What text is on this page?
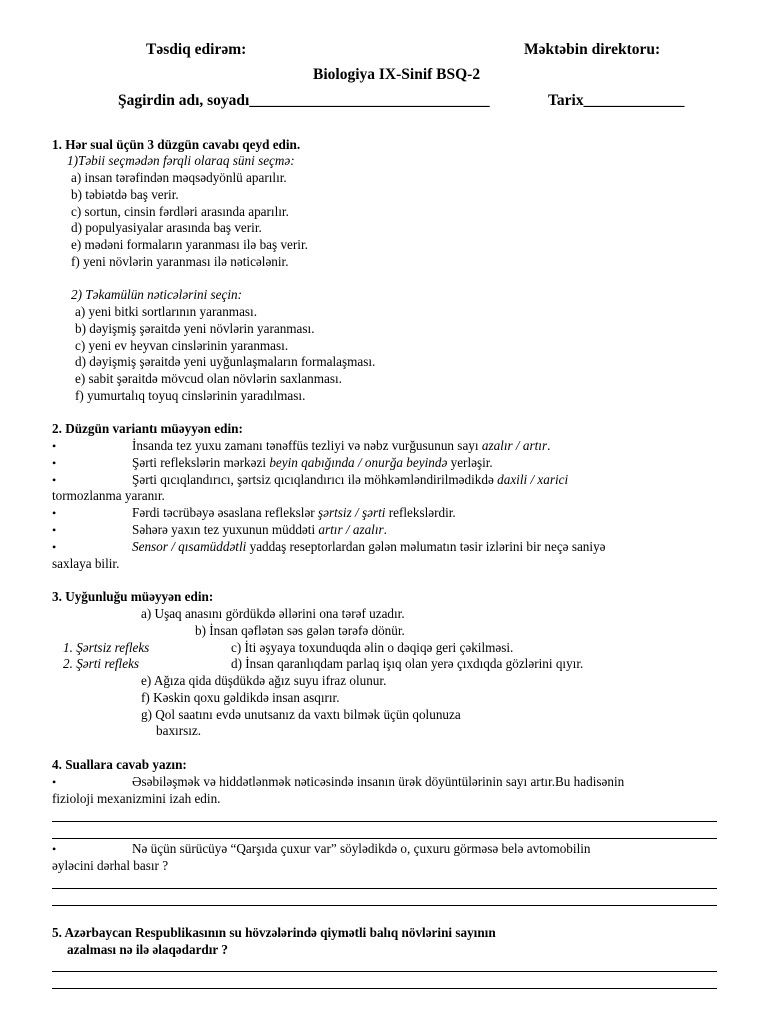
Təsdiq edirəm:	Məktəbin direktoru:
Biologiya IX-Sinif BSQ-2
Şagirdin adı, soyadı_______________________________	Tarix_____________
1. Hər sual üçün 3 düzgün cavabı qeyd edin.
1)Təbii seçmədən fərqli olaraq süni seçmə:
a) insan tərəfindən məqsədyönlü aparılır.
b) təbiətdə baş verir.
c) sortun, cinsin fərdləri arasında aparılır.
d) populyasiyalar arasında baş verir.
e) mədəni formaların yaranması ilə baş verir.
f) yeni növlərin yaranması ilə nəticələnir.
2) Təkamülün nəticələrini seçin:
a) yeni bitki sortlarının yaranması.
b) dəyişmiş şəraitdə yeni növlərin yaranması.
c) yeni ev heyvan cinslərinin yaranması.
d) dəyişmiş şəraitdə yeni uyğunlaşmaların formalaşması.
e) sabit şəraitdə mövcud olan növlərin saxlanması.
f) yumurtalıq toyuq cinslərinin yaradılması.
2. Düzgün variantı müəyyən edin:
•	İnsanda tez yuxu zamanı tənəffüs tezliyi və nəbz vurğusunun sayı azalır / artır.
•	Şərti reflekslərin mərkəzi beyin qabığında / onurğa beyində yerləşir.
•	Şərti qıcıqlandırıcı, şərtsiz qıcıqlandırıcı ilə möhkəmləndirilmədikdə daxili / xarici
tormozlanma yaranır.
•	Fərdi təcrübəyə əsaslana reflekslər şərtsiz / şərti reflekslərdir.
•	Səhərə yaxın tez yuxunun müddəti artır / azalır.
•	Sensor / qısamüddətli yaddaş reseptorlardan gələn məlumatın təsir izlərini bir neçə saniyə
saxlaya bilir.
3. Uyğunluğu müəyyən edin:
a) Uşaq anasını gördükdə əllərini ona tərəf uzadır.
b) İnsan qəflətən səs gələn tərəfə dönür.
1. Şərtsiz refleks	c) İti əşyaya toxunduqda əlin o dəqiqə geri çəkilməsi.
2. Şərti refleks	d) İnsan qaranlıqdam parlaq işıq olan yerə çıxdıqda gözlərini qıyır.
e) Ağıza qida düşdükdə ağız suyu ifraz olunur.
f) Kəskin qoxu gəldikdə insan asqırır.
g) Qol saatını evdə unutsanız da vaxtı bilmək üçün qolunuza
baxırsız.
4. Suallara cavab yazın:
•	Əsəbiləşmək və hiddətlənmək nəticəsində insanın ürək döyüntülərinin sayı artır.Bu hadisənin
fizioloji mexanizmini izah edin.
•	Nə üçün sürücüyə “Qarşıda çuxur var” söylədikdə o, çuxuru görməsə belə avtomobilin
əyləcini dərhal basır ?
5. Azərbaycan Respublikasının su hövzələrində qiymətli balıq növlərini sayının
azalması nə ilə əlaqədardır ?
